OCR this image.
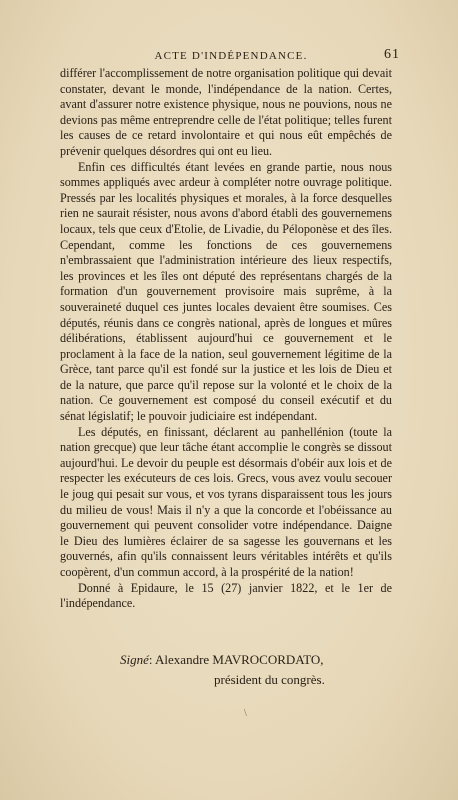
ACTE D'INDÉPENDANCE.	61

différer l'accomplissement de notre organisation politique qui devait constater, devant le monde, l'indépendance de la nation. Certes, avant d'assurer notre existence physique, nous ne pouvions, nous ne devions pas même entreprendre celle de l'état politique; telles furent les causes de ce retard involontaire et qui nous eût empêchés de prévenir quelques désordres qui ont eu lieu.

Enfin ces difficultés étant levées en grande partie, nous nous sommes appliqués avec ardeur à compléter notre ouvrage politique. Pressés par les localités physiques et morales, à la force desquelles rien ne saurait résister, nous avons d'abord établi des gouvernemens locaux, tels que ceux d'Etolie, de Livadie, du Péloponèse et des îles. Cependant, comme les fonctions de ces gouvernemens n'embrassaient que l'administration intérieure des lieux respectifs, les provinces et les îles ont député des représentans chargés de la formation d'un gouvernement provisoire mais suprême, à la souveraineté duquel ces juntes locales devaient être soumises. Ces députés, réunis dans ce congrès national, après de longues et mûres délibérations, établissent aujourd'hui ce gouvernement et le proclament à la face de la nation, seul gouvernement légitime de la Grèce, tant parce qu'il est fondé sur la justice et les lois de Dieu et de la nature, que parce qu'il repose sur la volonté et le choix de la nation. Ce gouvernement est composé du conseil exécutif et du sénat législatif; le pouvoir judiciaire est indépendant.

Les députés, en finissant, déclarent au panhellénion (toute la nation grecque) que leur tâche étant accomplie le congrès se dissout aujourd'hui. Le devoir du peuple est désormais d'obéir aux lois et de respecter les exécuteurs de ces lois. Grecs, vous avez voulu secouer le joug qui pesait sur vous, et vos tyrans disparaissent tous les jours du milieu de vous! Mais il n'y a que la concorde et l'obéissance au gouvernement qui peuvent consolider votre indépendance. Daigne le Dieu des lumières éclairer de sa sagesse les gouvernans et les gouvernés, afin qu'ils connaissent leurs véritables intérêts et qu'ils coopèrent, d'un commun accord, à la prospérité de la nation!

Donné à Epidaure, le 15 (27) janvier 1822, et le 1er de l'indépendance.

Signé: Alexandre MAVROCORDATO,
président du congrès.
\
